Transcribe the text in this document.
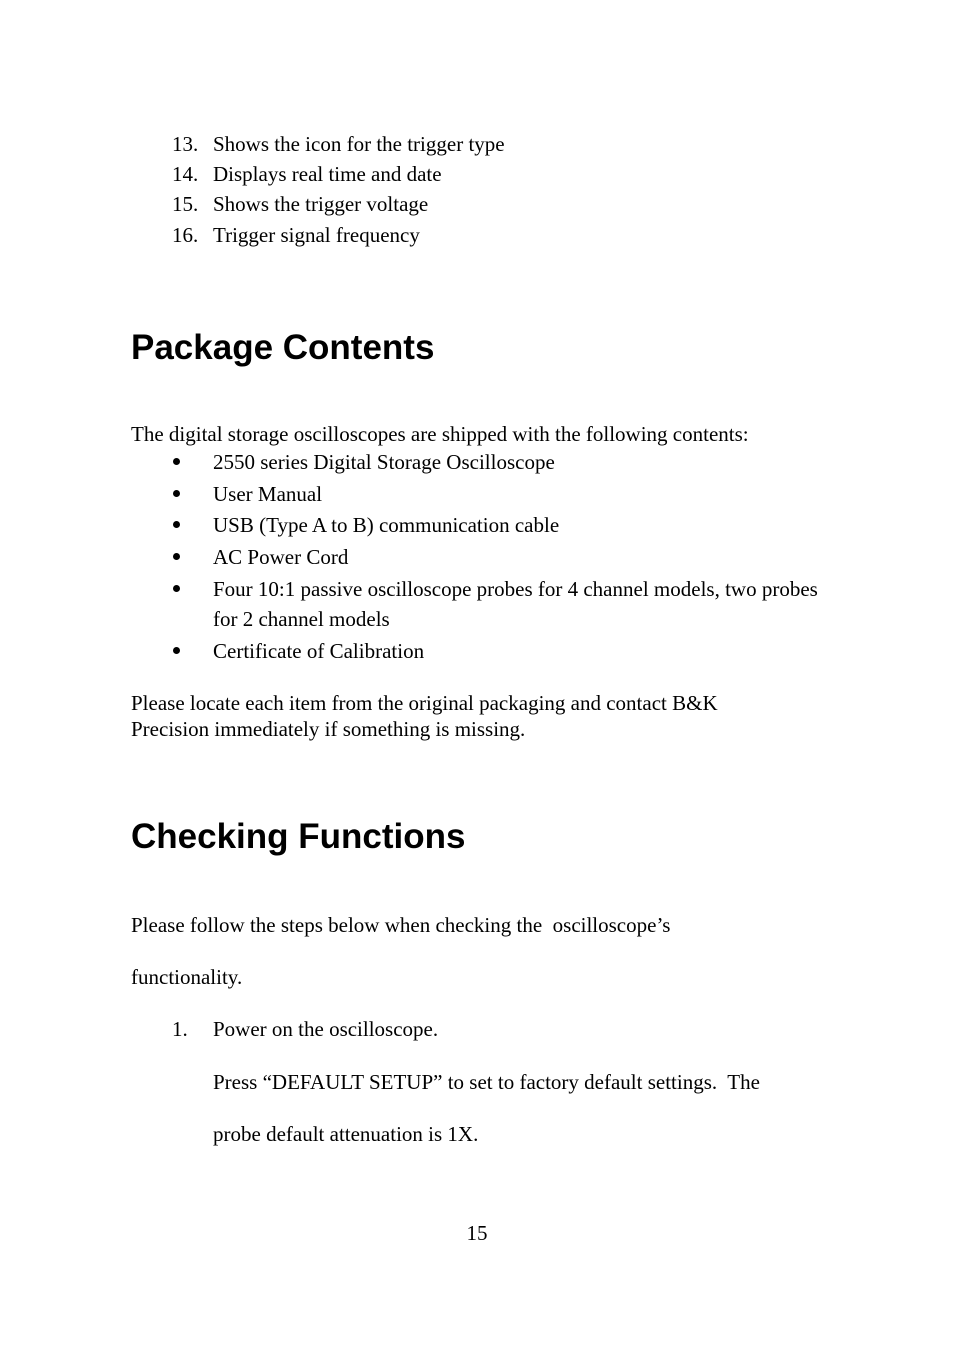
13. Shows the icon for the trigger type
14. Displays real time and date
15. Shows the trigger voltage
16. Trigger signal frequency
Package Contents
The digital storage oscilloscopes are shipped with the following contents:
2550 series Digital Storage Oscilloscope
User Manual
USB (Type A to B) communication cable
AC Power Cord
Four 10:1 passive oscilloscope probes for 4 channel models, two probes for 2 channel models
Certificate of Calibration
Please locate each item from the original packaging and contact B&K
Precision immediately if something is missing.
Checking Functions
Please follow the steps below when checking the  oscilloscope’s
functionality.
1. Power on the oscilloscope.
Press “DEFAULT SETUP” to set to factory default settings.  The
probe default attenuation is 1X.
15
